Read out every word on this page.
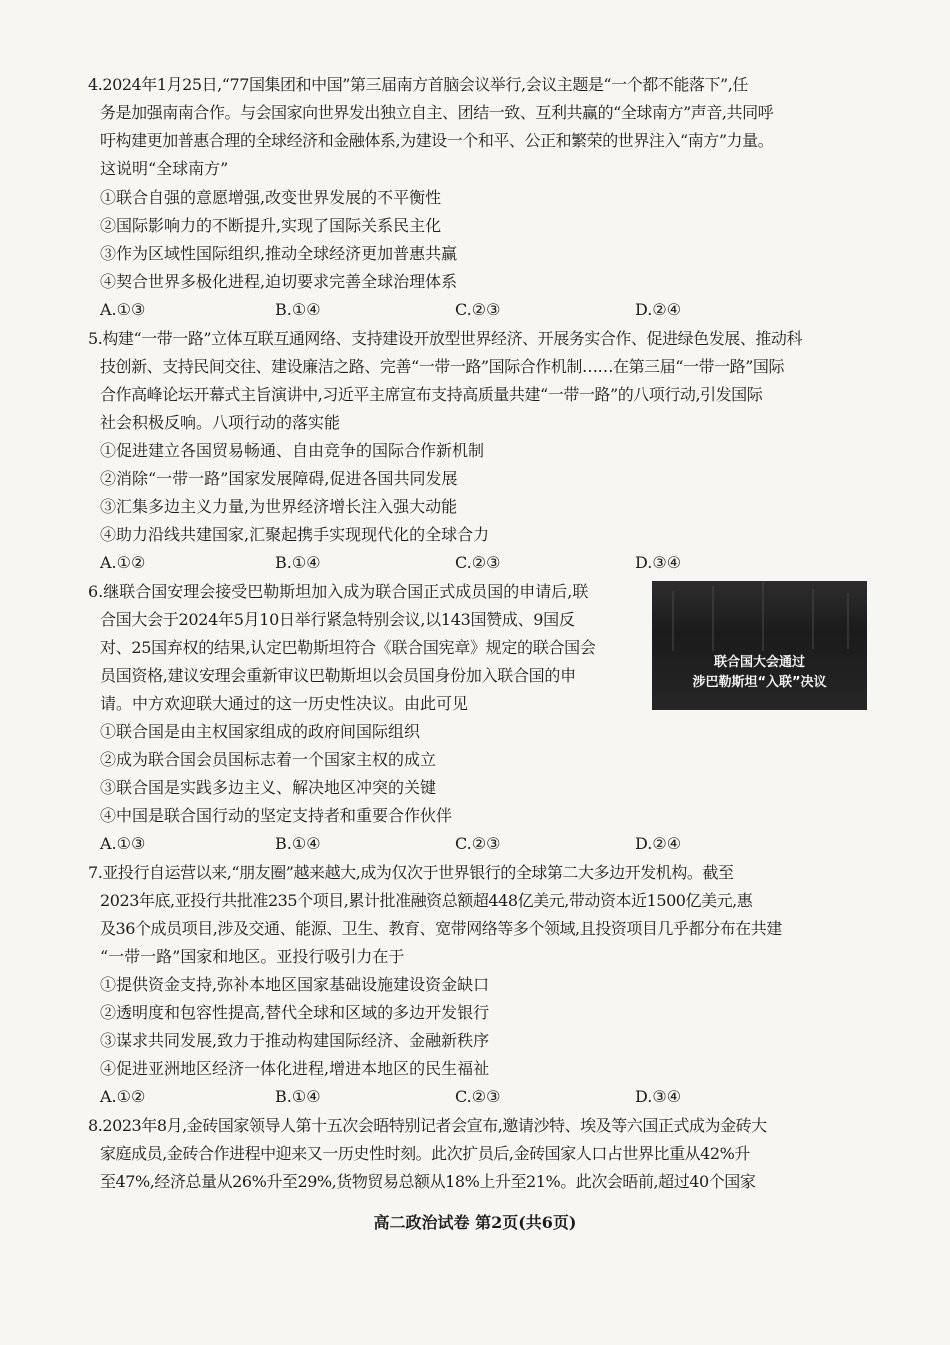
4.2024年1月25日,“77国集团和中国”第三届南方首脑会议举行,会议主题是“一个都不能落下”,任
务是加强南南合作。与会国家向世界发出独立自主、团结一致、互利共赢的“全球南方”声音,共同呼
吁构建更加普惠合理的全球经济和金融体系,为建设一个和平、公正和繁荣的世界注入“南方”力量。
这说明“全球南方”
①联合自强的意愿增强,改变世界发展的不平衡性
②国际影响力的不断提升,实现了国际关系民主化
③作为区域性国际组织,推动全球经济更加普惠共赢
④契合世界多极化进程,迫切要求完善全球治理体系
A.①③	B.①④	C.②③	D.②④
5.构建“一带一路”立体互联互通网络、支持建设开放型世界经济、开展务实合作、促进绿色发展、推动科
技创新、支持民间交往、建设廉洁之路、完善“一带一路”国际合作机制……在第三届“一带一路”国际
合作高峰论坛开幕式主旨演讲中,习近平主席宣布支持高质量共建“一带一路”的八项行动,引发国际
社会积极反响。八项行动的落实能
①促进建立各国贸易畅通、自由竞争的国际合作新机制
②消除“一带一路”国家发展障碍,促进各国共同发展
③汇集多边主义力量,为世界经济增长注入强大动能
④助力沿线共建国家,汇聚起携手实现现代化的全球合力
A.①②	B.①④	C.②③	D.③④
6.继联合国安理会接受巴勒斯坦加入成为联合国正式成员国的申请后,联
合国大会于2024年5月10日举行紧急特别会议,以143国赞成、9国反
对、25国弃权的结果,认定巴勒斯坦符合《联合国宪章》规定的联合国会
员国资格,建议安理会重新审议巴勒斯坦以会员国身份加入联合国的申
请。中方欢迎联大通过的这一历史性决议。由此可见
联合国大会通过
涉巴勒斯坦“入联”决议
①联合国是由主权国家组成的政府间国际组织
②成为联合国会员国标志着一个国家主权的成立
③联合国是实践多边主义、解决地区冲突的关键
④中国是联合国行动的坚定支持者和重要合作伙伴
A.①③	B.①④	C.②③	D.②④
7.亚投行自运营以来,“朋友圈”越来越大,成为仅次于世界银行的全球第二大多边开发机构。截至
2023年底,亚投行共批准235个项目,累计批准融资总额超448亿美元,带动资本近1500亿美元,惠
及36个成员项目,涉及交通、能源、卫生、教育、宽带网络等多个领域,且投资项目几乎都分布在共建
“一带一路”国家和地区。亚投行吸引力在于
①提供资金支持,弥补本地区国家基础设施建设资金缺口
②透明度和包容性提高,替代全球和区域的多边开发银行
③谋求共同发展,致力于推动构建国际经济、金融新秩序
④促进亚洲地区经济一体化进程,增进本地区的民生福祉
A.①②	B.①④	C.②③	D.③④
8.2023年8月,金砖国家领导人第十五次会晤特别记者会宣布,邀请沙特、埃及等六国正式成为金砖大
家庭成员,金砖合作进程中迎来又一历史性时刻。此次扩员后,金砖国家人口占世界比重从42%升
高二政治试卷 第2页(共6页)
至47%,经济总量从26%升至29%,货物贸易总额从18%上升至21%。此次会晤前,超过40个国家
